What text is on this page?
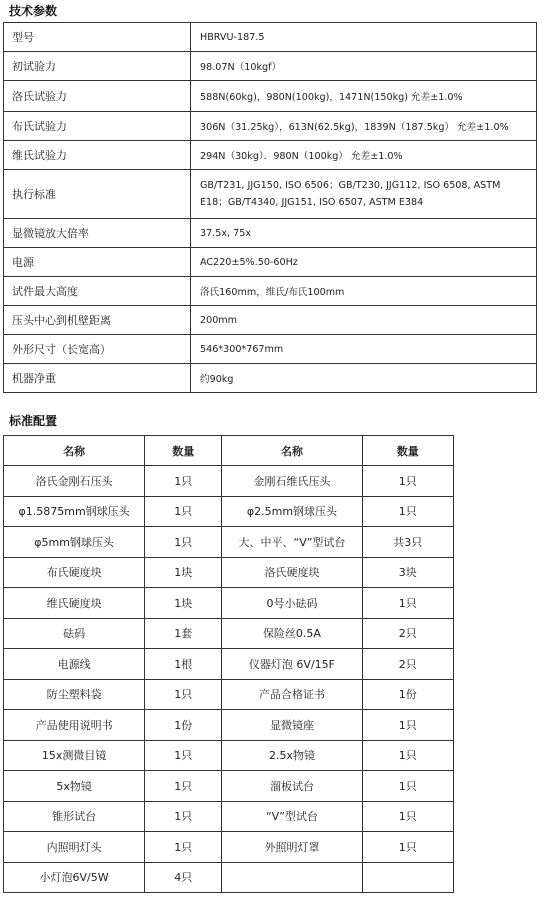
技术参数
型号	HBRVU-187.5
初试验力	98.07N（10kgf）
洛氏试验力	588N(60kg)，980N(100kg)，1471N(150kg) 允差±1.0%
布氏试验力	306N（31.25kg），613N(62.5kg)，1839N（187.5kg） 允差±1.0%
维氏试验力	294N（30kg）．980N（100kg） 允差±1.0%
执行标准	GB/T231, JJG150, ISO 6506；GB/T230, JJG112, ISO 6508, ASTM E18；GB/T4340, JJG151, ISO 6507, ASTM E384
显微镜放大倍率	37.5x, 75x
电源	AC220±5%.50-60Hz
试件最大高度	洛氏160mm，维氏/布氏100mm
压头中心到机壁距离	200mm
外形尺寸（长宽高）	546*300*767mm
机器净重	约90kg
标准配置
名称	数量	名称	数量
洛氏金刚石压头	1只	金刚石维氏压头	1只
φ1.5875mm钢球压头	1只	φ2.5mm钢球压头	1只
φ5mm钢球压头	1只	大、中平、“V”型试台	共3只
布氏硬度块	1块	洛氏硬度块	3块
维氏硬度块	1块	0号小砝码	1只
砝码	1套	保险丝0.5A	2只
电源线	1根	仪器灯泡 6V/15F	2只
防尘塑料袋	1只	产品合格证书	1份
产品使用说明书	1份	显微镜座	1只
15x测微目镜	1只	2.5x物镜	1只
5x物镜	1只	溜板试台	1只
锥形试台	1只	“V”型试台	1只
内照明灯头	1只	外照明灯罩	1只
小灯泡6V/5W	4只		
